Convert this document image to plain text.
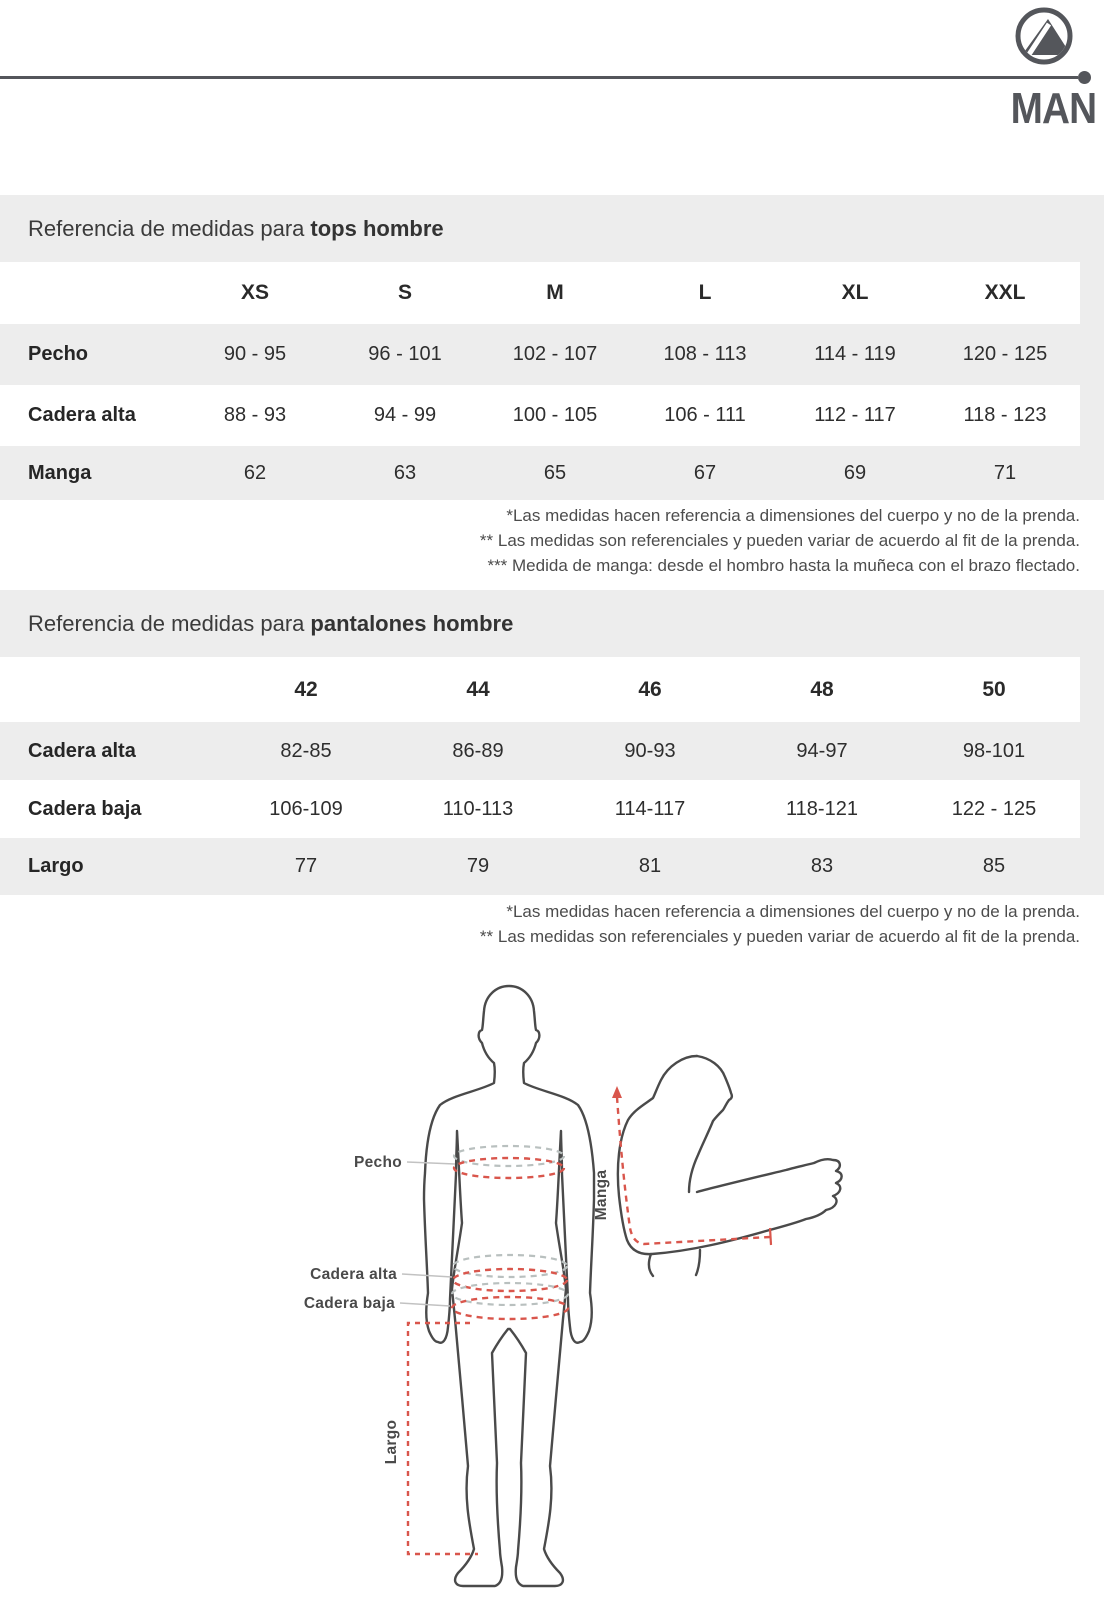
MAN
Referencia de medidas para tops hombre
XS	S	M	L	XL	XXL
Pecho	90 - 95	96 - 101	102 - 107	108 - 113	114 - 119	120 - 125
Cadera alta	88 - 93	94 - 99	100 - 105	106 - 111	112 - 117	118 - 123
Manga	62	63	65	67	69	71
*Las medidas hacen referencia a dimensiones del cuerpo y no de la prenda.
** Las medidas son referenciales y pueden variar de acuerdo al fit de la prenda.
*** Medida de manga: desde el hombro hasta la muñeca con el brazo flectado.
Referencia de medidas para pantalones hombre
42	44	46	48	50
Cadera alta	82-85	86-89	90-93	94-97	98-101
Cadera baja	106-109	110-113	114-117	118-121	122 - 125
Largo	77	79	81	83	85
*Las medidas hacen referencia a dimensiones del cuerpo y no de la prenda.
** Las medidas son referenciales y pueden variar de acuerdo al fit de la prenda.
Pecho
Cadera alta
Cadera baja
Largo
Manga
